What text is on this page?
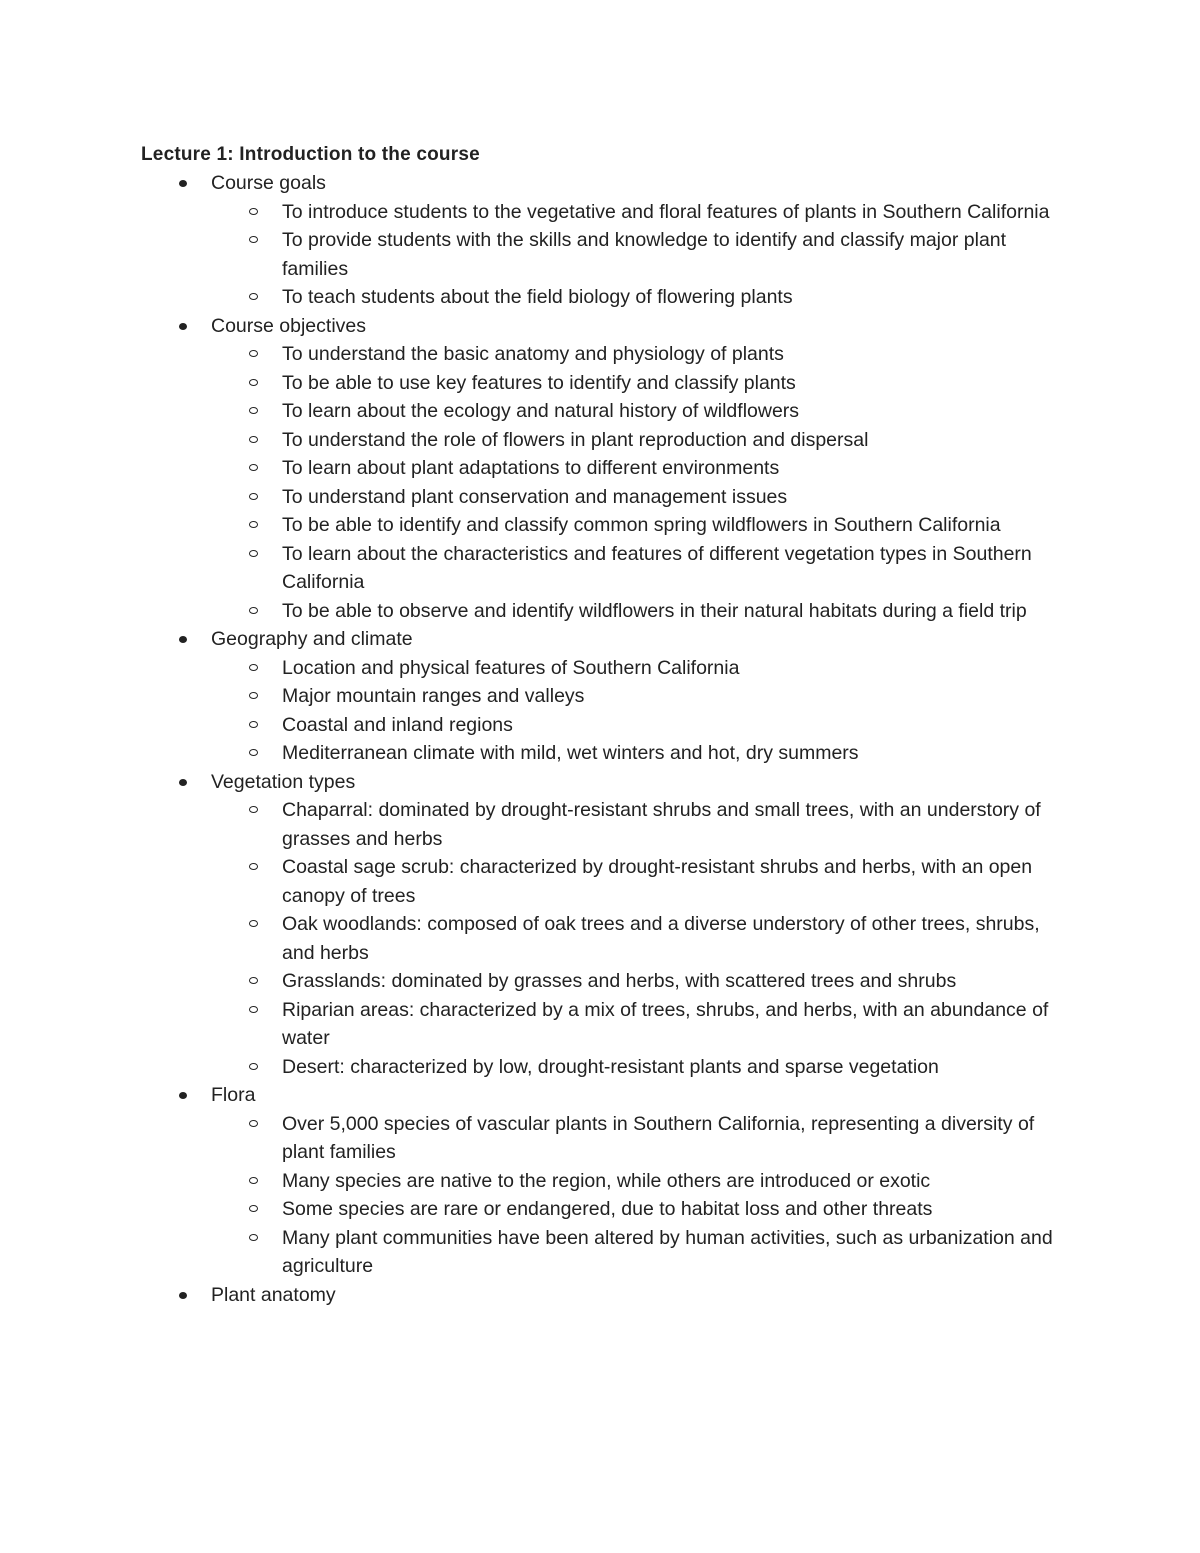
Lecture 1: Introduction to the course
Course goals
To introduce students to the vegetative and floral features of plants in Southern California
To provide students with the skills and knowledge to identify and classify major plant families
To teach students about the field biology of flowering plants
Course objectives
To understand the basic anatomy and physiology of plants
To be able to use key features to identify and classify plants
To learn about the ecology and natural history of wildflowers
To understand the role of flowers in plant reproduction and dispersal
To learn about plant adaptations to different environments
To understand plant conservation and management issues
To be able to identify and classify common spring wildflowers in Southern California
To learn about the characteristics and features of different vegetation types in Southern California
To be able to observe and identify wildflowers in their natural habitats during a field trip
Geography and climate
Location and physical features of Southern California
Major mountain ranges and valleys
Coastal and inland regions
Mediterranean climate with mild, wet winters and hot, dry summers
Vegetation types
Chaparral: dominated by drought-resistant shrubs and small trees, with an understory of grasses and herbs
Coastal sage scrub: characterized by drought-resistant shrubs and herbs, with an open canopy of trees
Oak woodlands: composed of oak trees and a diverse understory of other trees, shrubs, and herbs
Grasslands: dominated by grasses and herbs, with scattered trees and shrubs
Riparian areas: characterized by a mix of trees, shrubs, and herbs, with an abundance of water
Desert: characterized by low, drought-resistant plants and sparse vegetation
Flora
Over 5,000 species of vascular plants in Southern California, representing a diversity of plant families
Many species are native to the region, while others are introduced or exotic
Some species are rare or endangered, due to habitat loss and other threats
Many plant communities have been altered by human activities, such as urbanization and agriculture
Plant anatomy
